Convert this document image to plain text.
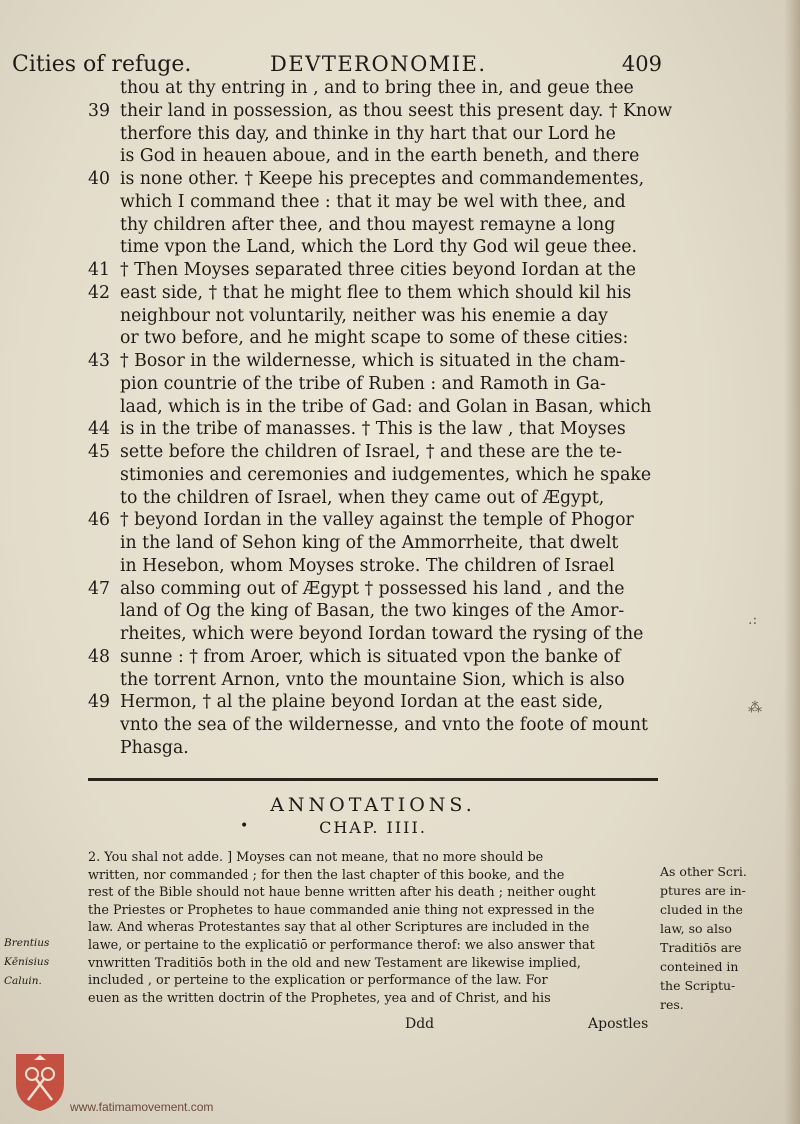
Cities of refuge.	DEVTERONOMIE.	409
thou at thy entring in , and to bring thee in, and geue thee
39 their land in possession, as thou seest this present day. † Know
therfore this day, and thinke in thy hart that our Lord he
is God in heauen aboue, and in the earth beneth, and there
40 is none other. † Keepe his preceptes and commandementes,
which I command thee : that it may be wel with thee, and
thy children after thee, and thou mayest remayne a long
time vpon the Land, which the Lord thy God wil geue thee.
41 † Then Moyses separated three cities beyond Iordan at the
42 east side, † that he might flee to them which should kil his
neighbour not voluntarily, neither was his enemie a day
or two before, and he might scape to some of these cities:
43 † Bosor in the wildernesse, which is situated in the cham-
pion countrie of the tribe of Ruben : and Ramoth in Ga-
laad, which is in the tribe of Gad: and Golan in Basan, which
44 is in the tribe of manasses. † This is the law , that Moyses
45 sette before the children of Israel, † and these are the te-
stimonies and ceremonies and iudgementes, which he spake
to the children of Israel, when they came out of Ægypt,
46 † beyond Iordan in the valley against the temple of Phogor
in the land of Sehon king of the Ammorrheite, that dwelt
in Hesebon, whom Moyses stroke. The children of Israel
47 also comming out of Ægypt † possessed his land , and the
land of Og the king of Basan, the two kinges of the Amor-
rheites, which were beyond Iordan toward the rysing of the
48 sunne : † from Aroer, which is situated vpon the banke of
the torrent Arnon, vnto the mountaine Sion, which is also
49 Hermon, † al the plaine beyond Iordan at the east side,
vnto the sea of the wildernesse, and vnto the foote of mount
Phasga.
ANNOTATIONS.
•	CHAP. IIII.
2. You shal not adde. ] Moyses can not meane, that no more should be
written, nor commanded ; for then the last chapter of this booke, and the
rest of the Bible should not haue benne written after his death ; neither ought
the Priestes or Prophetes to haue commanded anie thing not expressed in the
law. And wheras Protestantes say that al other Scriptures are included in the
lawe, or pertaine to the explicatiō or performance therof: we also answer that
vnwritten Traditiōs both in the old and new Testament are likewise implied,
included , or perteine to the explication or performance of the law. For
euen as the written doctrin of the Prophetes, yea and of Christ, and his
Ddd	Apostles
Brentius
Kēnisius
Caluin.
As other Scri.
ptures are in-
cluded in the
law, so also
Traditiōs are
conteined in
the Scriptu-
res.
.:
⁂
www.fatimamovement.com
